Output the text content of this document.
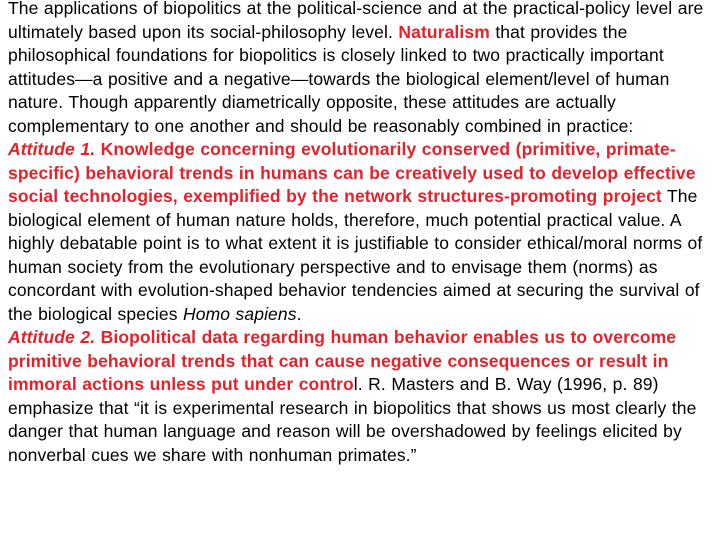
The applications of biopolitics at the political-science and at the practical-policy level are ultimately based upon its social-philosophy level. Naturalism that provides the philosophical foundations for biopolitics is closely linked to two practically important attitudes—a positive and a negative—towards the biological element/level of human nature. Though apparently diametrically opposite, these attitudes are actually complementary to one another and should be reasonably combined in practice:

Attitude 1. Knowledge concerning evolutionarily conserved (primitive, primate-specific) behavioral trends in humans can be creatively used to develop effective social technologies, exemplified by the network structures-promoting project The biological element of human nature holds, therefore, much potential practical value. A highly debatable point is to what extent it is justifiable to consider ethical/moral norms of human society from the evolutionary perspective and to envisage them (norms) as concordant with evolution-shaped behavior tendencies aimed at securing the survival of the biological species Homo sapiens.

Attitude 2. Biopolitical data regarding human behavior enables us to overcome primitive behavioral trends that can cause negative consequences or result in immoral actions unless put under control. R. Masters and B. Way (1996, p. 89) emphasize that “it is experimental research in biopolitics that shows us most clearly the danger that human language and reason will be overshadowed by feelings elicited by nonverbal cues we share with nonhuman primates.”
